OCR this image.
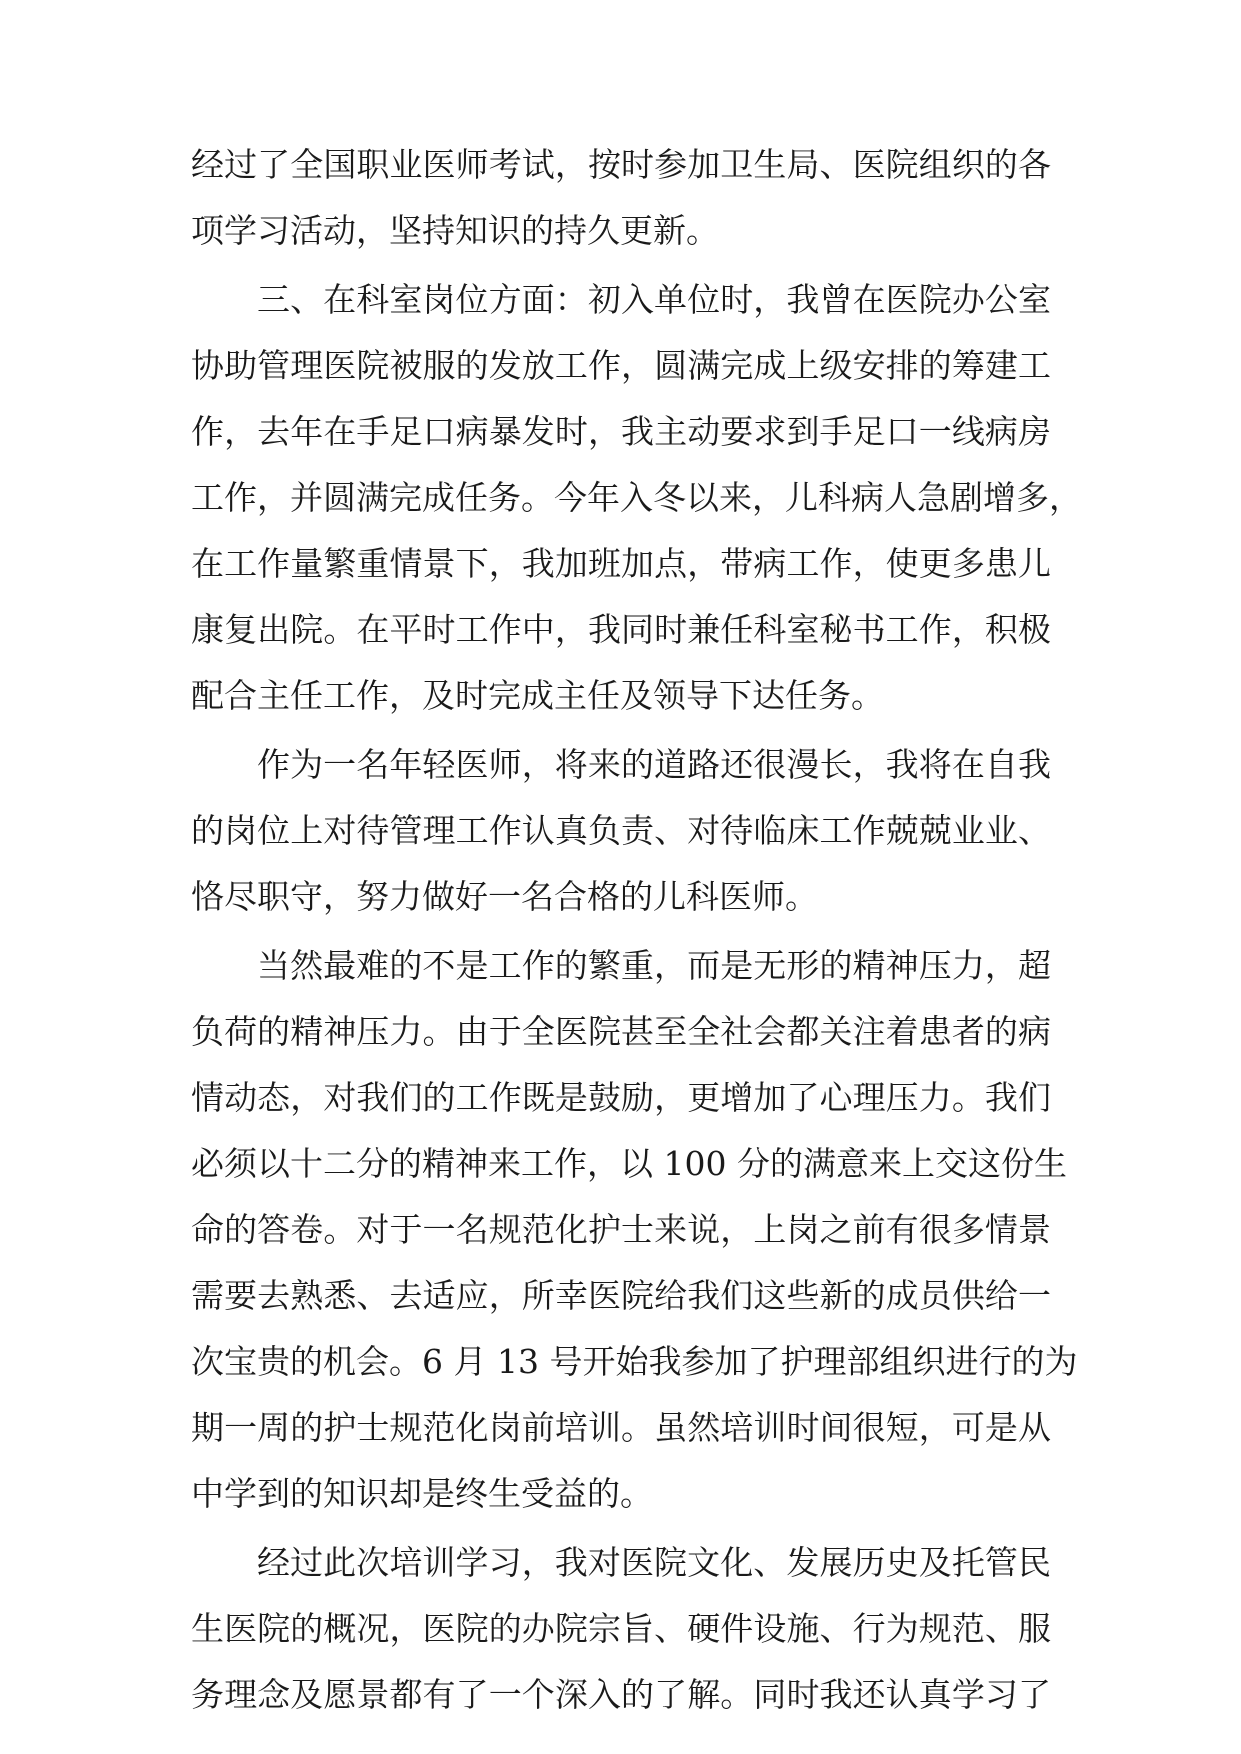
经过了全国职业医师考试，按时参加卫生局、医院组织的各
项学习活动，坚持知识的持久更新。
三、在科室岗位方面：初入单位时，我曾在医院办公室
协助管理医院被服的发放工作，圆满完成上级安排的筹建工
作，去年在手足口病暴发时，我主动要求到手足口一线病房
工作，并圆满完成任务。今年入冬以来，儿科病人急剧增多，
在工作量繁重情景下，我加班加点，带病工作，使更多患儿
康复出院。在平时工作中，我同时兼任科室秘书工作，积极
配合主任工作，及时完成主任及领导下达任务。
作为一名年轻医师，将来的道路还很漫长，我将在自我
的岗位上对待管理工作认真负责、对待临床工作兢兢业业、
恪尽职守，努力做好一名合格的儿科医师。
当然最难的不是工作的繁重，而是无形的精神压力，超
负荷的精神压力。由于全医院甚至全社会都关注着患者的病
情动态，对我们的工作既是鼓励，更增加了心理压力。我们
必须以十二分的精神来工作，以 100 分的满意来上交这份生
命的答卷。对于一名规范化护士来说，上岗之前有很多情景
需要去熟悉、去适应，所幸医院给我们这些新的成员供给一
次宝贵的机会。6 月 13 号开始我参加了护理部组织进行的为
期一周的护士规范化岗前培训。虽然培训时间很短，可是从
中学到的知识却是终生受益的。
经过此次培训学习，我对医院文化、发展历史及托管民
生医院的概况，医院的办院宗旨、硬件设施、行为规范、服
务理念及愿景都有了一个深入的了解。同时我还认真学习了
